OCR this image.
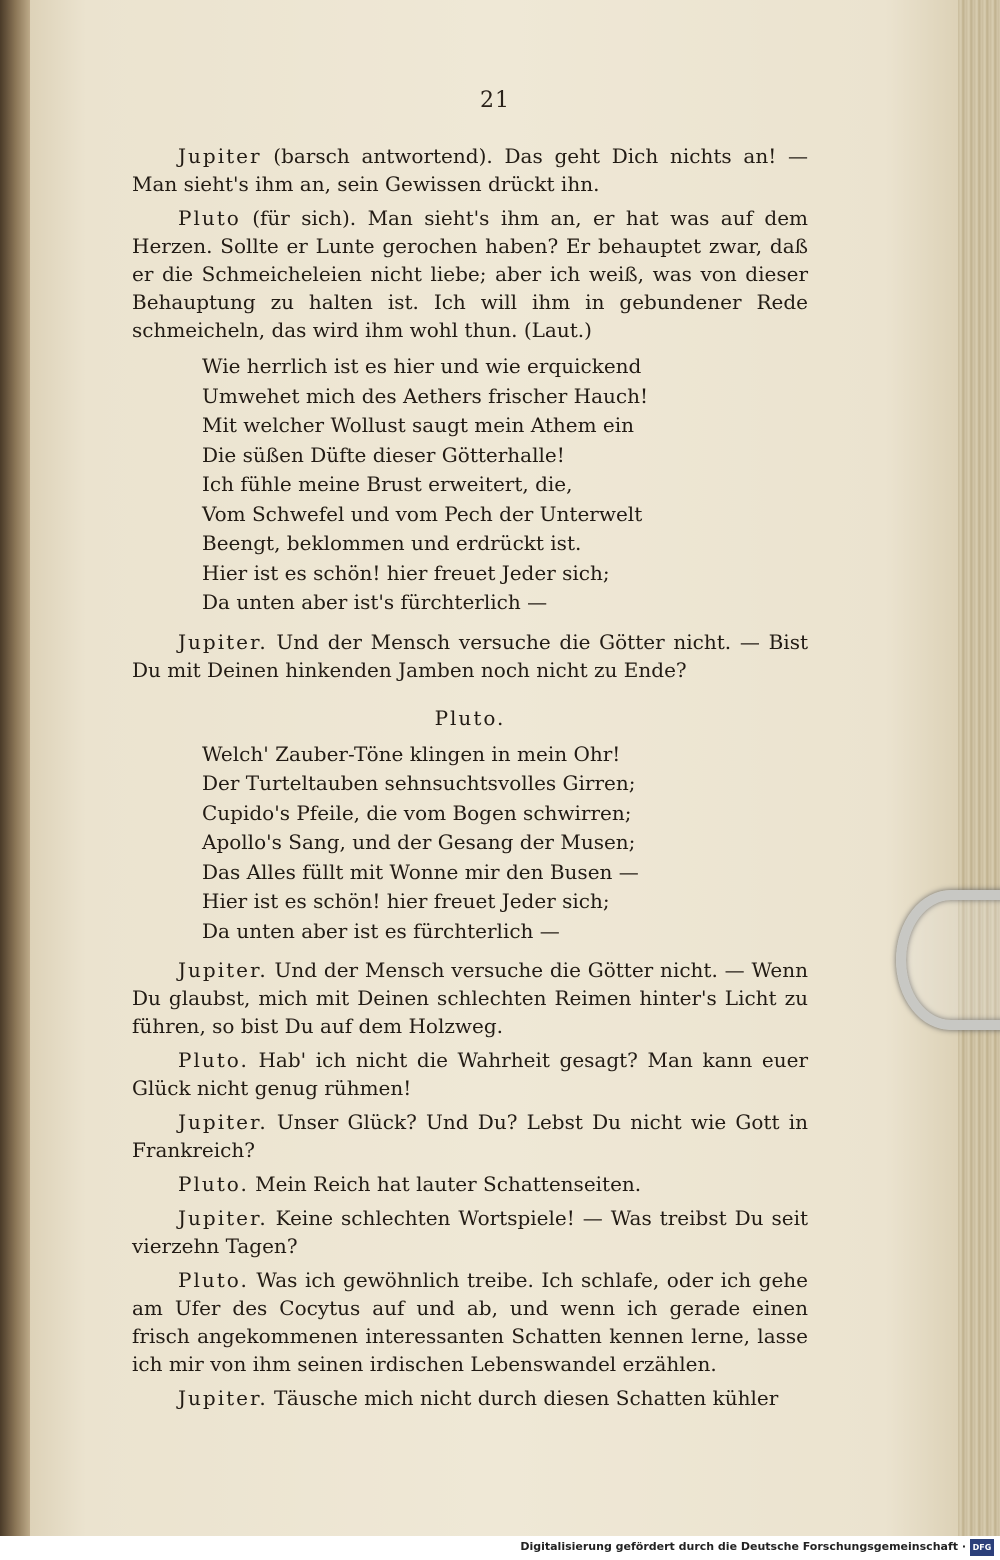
21

Jupiter (barsch antwortend). Das geht Dich nichts an! — Man sieht's ihm an, sein Gewissen drückt ihn.

Pluto (für sich). Man sieht's ihm an, er hat was auf dem Herzen. Sollte er Lunte gerochen haben? Er behauptet zwar, daß er die Schmeicheleien nicht liebe; aber ich weiß, was von dieser Behauptung zu halten ist. Ich will ihm in gebundener Rede schmeicheln, das wird ihm wohl thun. (Laut.)

Wie herrlich ist es hier und wie erquickend
Umwehet mich des Aethers frischer Hauch!
Mit welcher Wollust saugt mein Athem ein
Die süßen Düfte dieser Götterhalle!
Ich fühle meine Brust erweitert, die,
Vom Schwefel und vom Pech der Unterwelt
Beengt, beklommen und erdrückt ist.
Hier ist es schön! hier freuet Jeder sich;
Da unten aber ist's fürchterlich —

Jupiter. Und der Mensch versuche die Götter nicht. — Bist Du mit Deinen hinkenden Jamben noch nicht zu Ende?

Pluto.
Welch' Zauber-Töne klingen in mein Ohr!
Der Turteltauben sehnsuchtsvolles Girren;
Cupido's Pfeile, die vom Bogen schwirren;
Apollo's Sang, und der Gesang der Musen;
Das Alles füllt mit Wonne mir den Busen —
Hier ist es schön! hier freuet Jeder sich;
Da unten aber ist es fürchterlich —

Jupiter. Und der Mensch versuche die Götter nicht. — Wenn Du glaubst, mich mit Deinen schlechten Reimen hinter's Licht zu führen, so bist Du auf dem Holzweg.

Pluto. Hab' ich nicht die Wahrheit gesagt? Man kann euer Glück nicht genug rühmen!

Jupiter. Unser Glück? Und Du? Lebst Du nicht wie Gott in Frankreich?

Pluto. Mein Reich hat lauter Schattenseiten.

Jupiter. Keine schlechten Wortspiele! — Was treibst Du seit vierzehn Tagen?

Pluto. Was ich gewöhnlich treibe. Ich schlafe, oder ich gehe am Ufer des Cocytus auf und ab, und wenn ich gerade einen frisch angekommenen interessanten Schatten kennen lerne, lasse ich mir von ihm seinen irdischen Lebenswandel erzählen.

Jupiter. Täusche mich nicht durch diesen Schatten kühler

Digitalisierung gefördert durch die Deutsche Forschungsgemeinschaft · DFG
